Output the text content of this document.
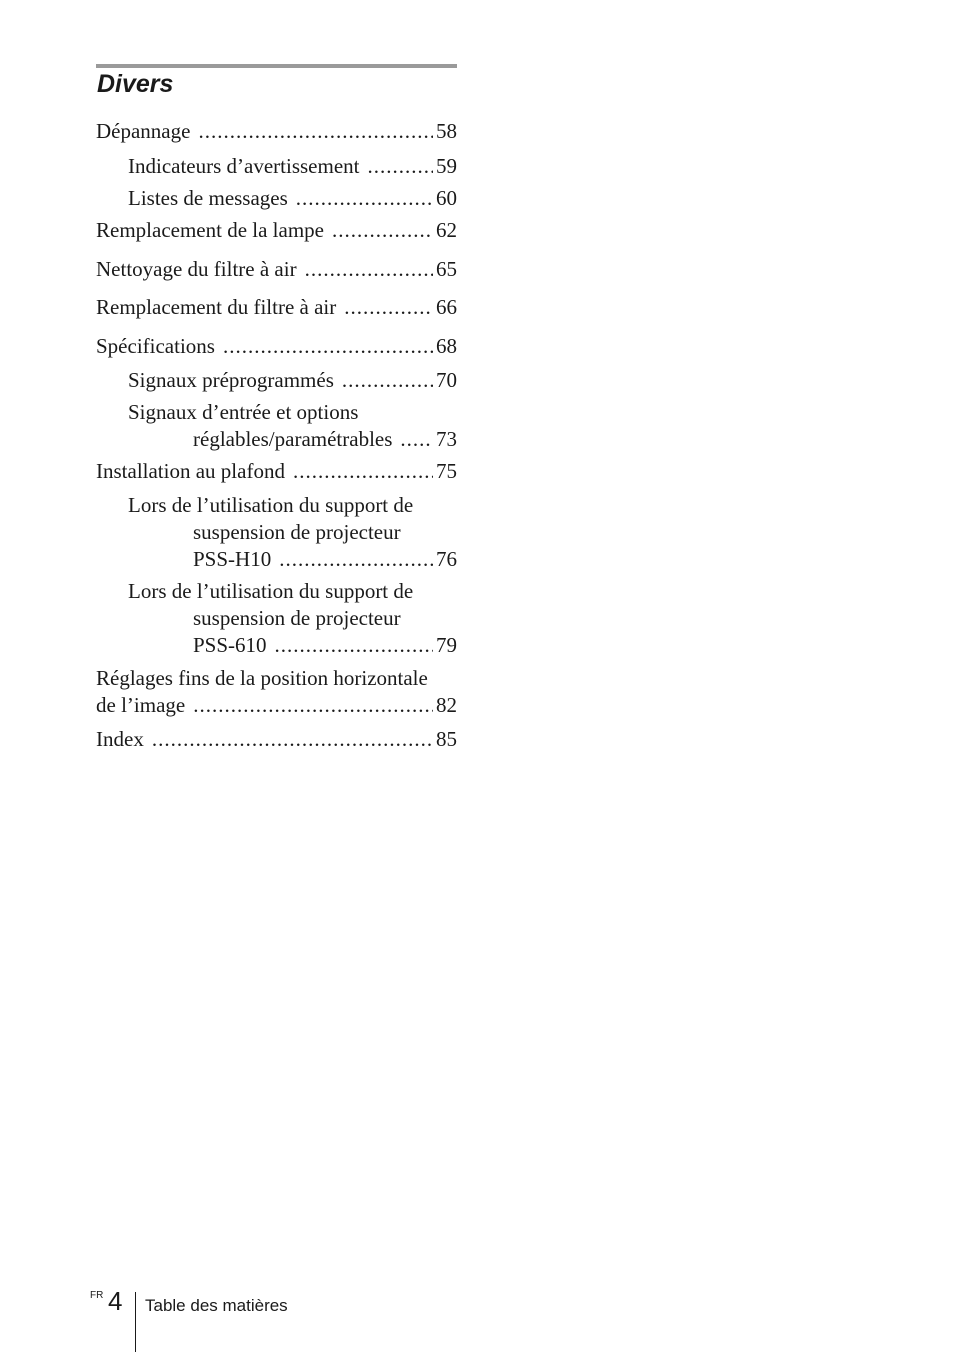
Divers
Dépannage .....	58
Indicateurs d’avertissement .....	59
Listes de messages .....	60
Remplacement de la lampe .....	62
Nettoyage du filtre à air .....	65
Remplacement du filtre à air .....	66
Spécifications .....	68
Signaux préprogrammés .....	70
Signaux d’entrée et options
réglables/paramétrables ..... 73
Installation au plafond .....	75
Lors de l’utilisation du support de
suspension de projecteur
PSS-H10 .....	76
Lors de l’utilisation du support de
suspension de projecteur
PSS-610 .....	79
Réglages fins de la position horizontale
de l’image .....	82
Index .....	85
FR 4 Table des matières
